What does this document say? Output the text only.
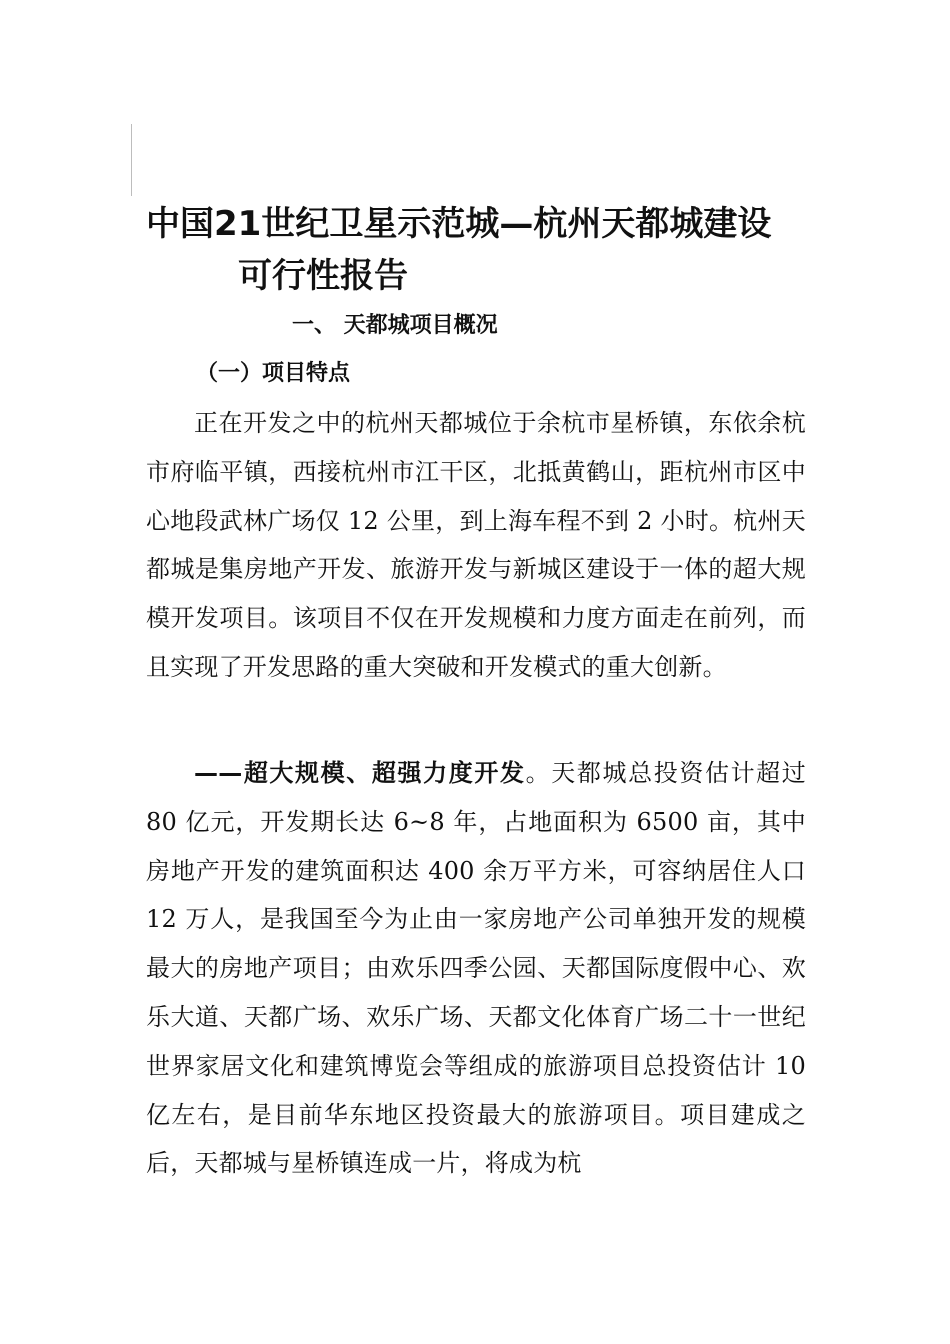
中国21世纪卫星示范城—杭州天都城建设
可行性报告
一、 天都城项目概况
（一）项目特点

正在开发之中的杭州天都城位于余杭市星桥镇，东依余杭市府临平镇，西接杭州市江干区，北抵黄鹤山，距杭州市区中心地段武林广场仅 12 公里，到上海车程不到 2 小时。杭州天都城是集房地产开发、旅游开发与新城区建设于一体的超大规模开发项目。该项目不仅在开发规模和力度方面走在前列，而且实现了开发思路的重大突破和开发模式的重大创新。

——超大规模、超强力度开发。天都城总投资估计超过 80 亿元，开发期长达 6~8 年，占地面积为 6500 亩，其中房地产开发的建筑面积达 400 余万平方米，可容纳居住人口 12 万人，是我国至今为止由一家房地产公司单独开发的规模最大的房地产项目；由欢乐四季公园、天都国际度假中心、欢乐大道、天都广场、欢乐广场、天都文化体育广场二十一世纪世界家居文化和建筑博览会等组成的旅游项目总投资估计 10 亿左右，是目前华东地区投资最大的旅游项目。项目建成之后，天都城与星桥镇连成一片，将成为杭
